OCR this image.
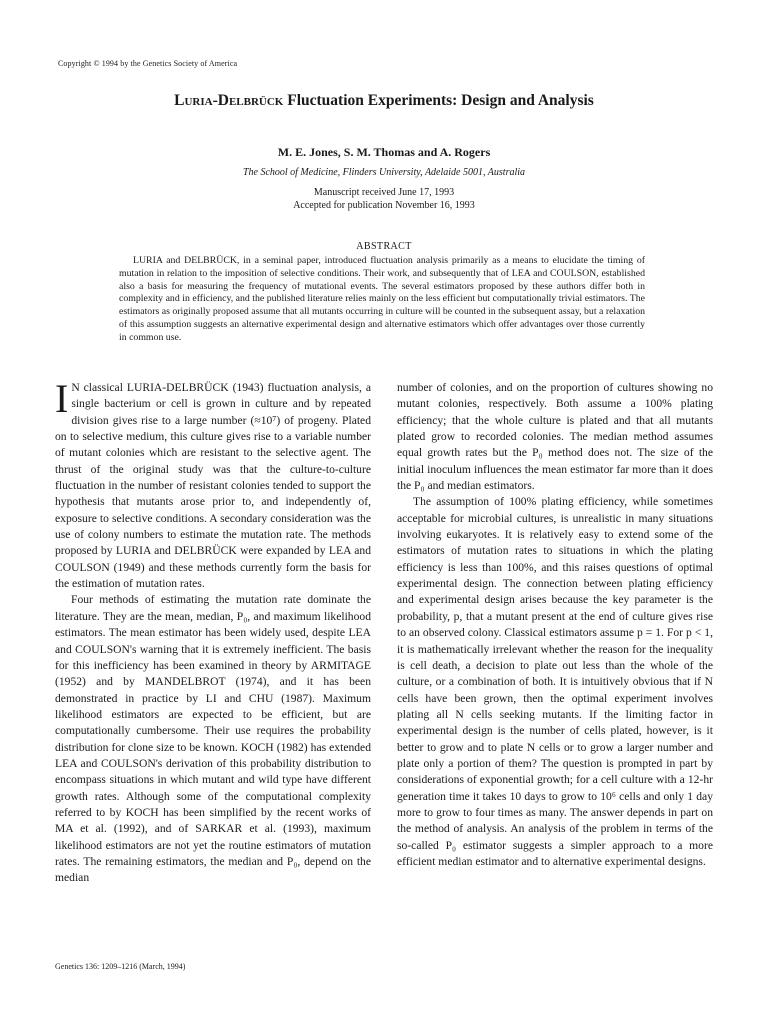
Copyright © 1994 by the Genetics Society of America
Luria-Delbrück Fluctuation Experiments: Design and Analysis
M. E. Jones, S. M. Thomas and A. Rogers
The School of Medicine, Flinders University, Adelaide 5001, Australia
Manuscript received June 17, 1993
Accepted for publication November 16, 1993
ABSTRACT
LURIA and DELBRÜCK, in a seminal paper, introduced fluctuation analysis primarily as a means to elucidate the timing of mutation in relation to the imposition of selective conditions. Their work, and subsequently that of LEA and COULSON, established also a basis for measuring the frequency of mutational events. The several estimators proposed by these authors differ both in complexity and in efficiency, and the published literature relies mainly on the less efficient but computationally trivial estimators. The estimators as originally proposed assume that all mutants occurring in culture will be counted in the subsequent assay, but a relaxation of this assumption suggests an alternative experimental design and alternative estimators which offer advantages over those currently in common use.

I N classical LURIA-DELBRÜCK (1943) fluctuation analysis, a single bacterium or cell is grown in culture and by repeated division gives rise to a large number (≈10⁷) of progeny. Plated on to selective medium, this culture gives rise to a variable number of mutant colonies which are resistant to the selective agent. The thrust of the original study was that the culture-to-culture fluctuation in the number of resistant colonies tended to support the hypothesis that mutants arose prior to, and independently of, exposure to selective conditions. A secondary consideration was the use of colony numbers to estimate the mutation rate. The methods proposed by LURIA and DELBRÜCK were expanded by LEA and COULSON (1949) and these methods currently form the basis for the estimation of mutation rates.

Four methods of estimating the mutation rate dominate the literature. They are the mean, median, P₀, and maximum likelihood estimators. The mean estimator has been widely used, despite LEA and COULSON's warning that it is extremely inefficient. The basis for this inefficiency has been examined in theory by ARMITAGE (1952) and by MANDELBROT (1974), and it has been demonstrated in practice by LI and CHU (1987). Maximum likelihood estimators are expected to be efficient, but are computationally cumbersome. Their use requires the probability distribution for clone size to be known. KOCH (1982) has extended LEA and COULSON's derivation of this probability distribution to encompass situations in which mutant and wild type have different growth rates. Although some of the computational complexity referred to by KOCH has been simplified by the recent works of MA et al. (1992), and of SARKAR et al. (1993), maximum likelihood estimators are not yet the routine estimators of mutation rates. The remaining estimators, the median and P₀, depend on the median

number of colonies, and on the proportion of cultures showing no mutant colonies, respectively. Both assume a 100% plating efficiency; that the whole culture is plated and that all mutants plated grow to recorded colonies. The median method assumes equal growth rates but the P₀ method does not. The size of the initial inoculum influences the mean estimator far more than it does the P₀ and median estimators.

The assumption of 100% plating efficiency, while sometimes acceptable for microbial cultures, is unrealistic in many situations involving eukaryotes. It is relatively easy to extend some of the estimators of mutation rates to situations in which the plating efficiency is less than 100%, and this raises questions of optimal experimental design. The connection between plating efficiency and experimental design arises because the key parameter is the probability, p, that a mutant present at the end of culture gives rise to an observed colony. Classical estimators assume p = 1. For p < 1, it is mathematically irrelevant whether the reason for the inequality is cell death, a decision to plate out less than the whole of the culture, or a combination of both. It is intuitively obvious that if N cells have been grown, then the optimal experiment involves plating all N cells seeking mutants. If the limiting factor in experimental design is the number of cells plated, however, is it better to grow and to plate N cells or to grow a larger number and plate only a portion of them? The question is prompted in part by considerations of exponential growth; for a cell culture with a 12-hr generation time it takes 10 days to grow to 10⁶ cells and only 1 day more to grow to four times as many. The answer depends in part on the method of analysis. An analysis of the problem in terms of the so-called P₀ estimator suggests a simpler approach to a more efficient median estimator and to alternative experimental designs.

Genetics 136: 1209–1216 (March, 1994)
